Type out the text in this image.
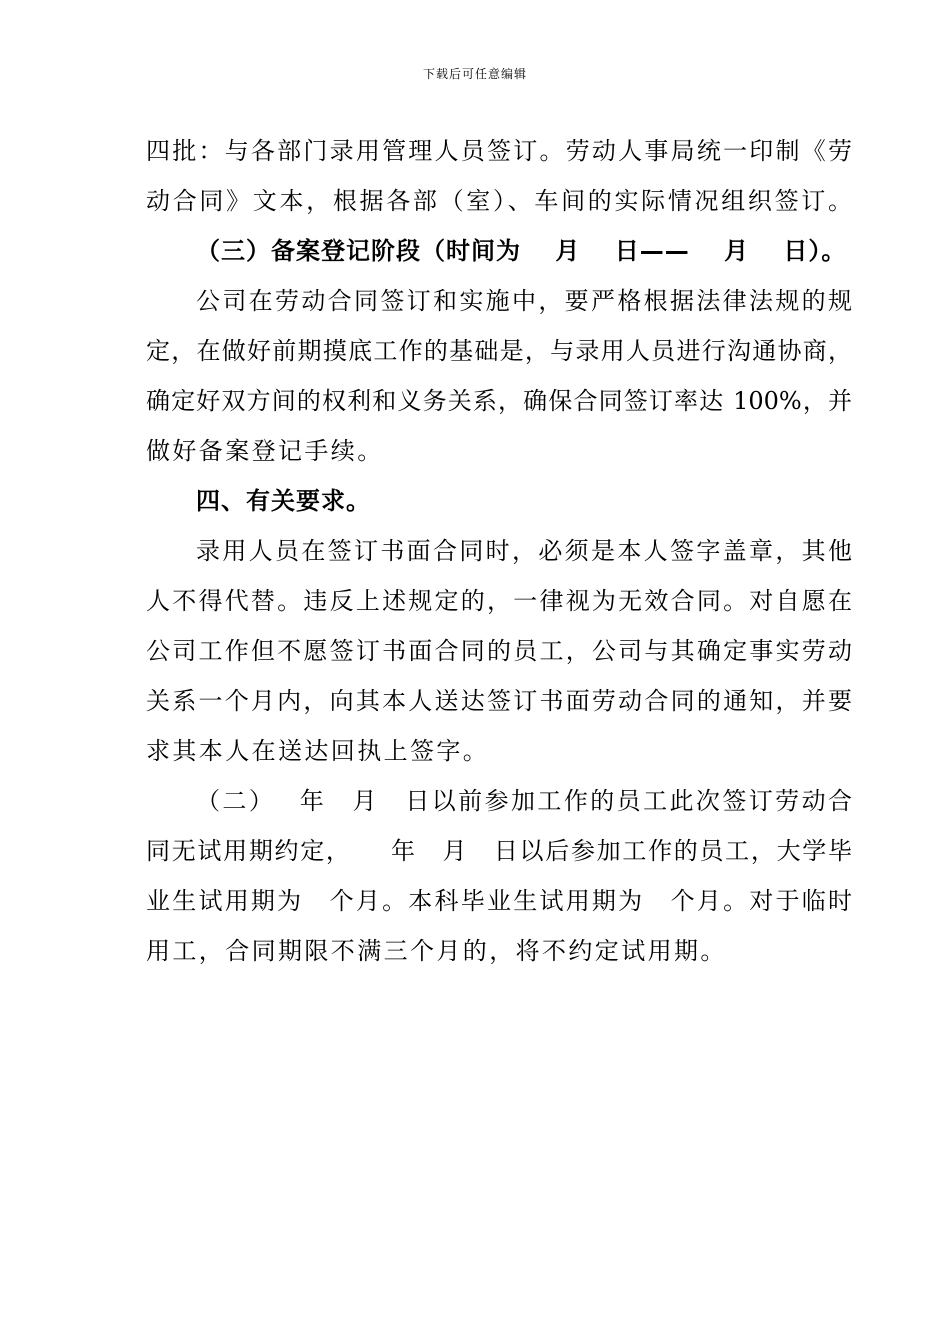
下载后可任意编辑
四批：与各部门录用管理人员签订。劳动人事局统一印制《劳
动合同》文本，根据各部（室）、车间的实际情况组织签订。
（三）备案登记阶段（时间为　 月　 日——　 月　 日）。
公司在劳动合同签订和实施中，要严格根据法律法规的规
定，在做好前期摸底工作的基础是，与录用人员进行沟通协商，
确定好双方间的权利和义务关系，确保合同签订率达 100%，并
做好备案登记手续。
四、有关要求。
录用人员在签订书面合同时，必须是本人签字盖章，其他
人不得代替。违反上述规定的，一律视为无效合同。对自愿在
公司工作但不愿签订书面合同的员工，公司与其确定事实劳动
关系一个月内，向其本人送达签订书面劳动合同的通知，并要
求其本人在送达回执上签字。
（二）　 年　月　日以前参加工作的员工此次签订劳动合
同无试用期约定，　　年　月　日以后参加工作的员工，大学毕
业生试用期为　个月。本科毕业生试用期为　个月。对于临时
用工，合同期限不满三个月的，将不约定试用期。
